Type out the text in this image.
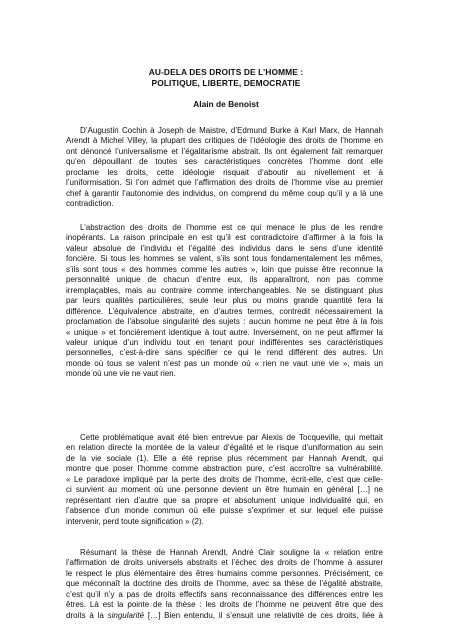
AU-DELA DES DROITS DE L’HOMME :
POLITIQUE, LIBERTE, DEMOCRATIE
Alain de Benoist
D’Augustin Cochin à Joseph de Maistre, d’Edmund Burke à Karl Marx, de Hannah
Arendt à Michel Villey, la plupart des critiques de l’idéologie des droits de l’homme en
ont dénoncé l’universalisme et l’égalitarisme abstrait. Ils ont également fait remarquer
qu’en dépouillant de toutes ses caractéristiques concrètes l’homme dont elle
proclame les droits, cette idéologie risquait d’aboutir au nivellement et à
l’uniformisation. Si l’on admet que l’affirmation des droits de l’homme vise au premier
chef à garantir l’autonomie des individus, on comprend du même coup qu’il y a là une
contradiction.
L’abstraction des droits de l’homme est ce qui menace le plus de les rendre
inopérants. La raison principale en est qu’il est contradictoire d’affirmer à la fois la
valeur absolue de l’individu et l’égalité des individus dans le sens d’une identité
foncière. Si tous les hommes se valent, s’ils sont tous fondamentalement les mêmes,
s’ils sont tous « des hommes comme les autres », loin que puisse être reconnue la
personnalité unique de chacun d’entre eux, ils apparaîtront, non pas comme
irremplaçables, mais au contraire comme interchangeables. Ne se distinguant plus
par leurs qualités particulières, seule leur plus ou moins grande quantité fera la
différence. L’équivalence abstraite, en d’autres termes, contredit nécessairement la
proclamation de l’absolue singularité des sujets : aucun homme ne peut être à la fois
« unique » et foncièrement identique à tout autre. Inversement, on ne peut affirmer la
valeur unique d’un individu tout en tenant pour indifférentes ses caractéristiques
personnelles, c’est-à-dire sans spécifier ce qui le rend différent des autres. Un
monde où tous se valent n’est pas un monde où « rien ne vaut une vie », mais un
monde où une vie ne vaut rien.
Cette problématique avait été bien entrevue par Alexis de Tocqueville, qui mettait
en relation directe la montée de la valeur d’égalité et le risque d’uniformation au sein
de la vie sociale (1). Elle a été reprise plus récemment par Hannah Arendt, qui
montre que poser l’homme comme abstraction pure, c’est accroître sa vulnérabilité.
« Le paradoxe impliqué par la perte des droits de l’homme, écrit-elle, c’est que celle-
ci survient au moment où une personne devient un être humain en général […] ne
représentant rien d’autre que sa propre et absolument unique individualité qui, en
l’absence d’un monde commun où elle puisse s’exprimer et sur lequel elle puisse
intervenir, perd toute signification » (2).
Résumant la thèse de Hannah Arendt, André Clair souligne la « relation entre
l’affirmation de droits universels abstraits et l’échec des droits de l’homme à assurer
le respect le plus élémentaire des êtres humains comme personnes. Précisément, ce
que méconnaît la doctrine des droits de l’homme, avec sa thèse de l’égalité abstraite,
c’est qu’il n’y a pas de droits effectifs sans reconnaissance des différences entre les
êtres. Là est la pointe de la thèse : les droits de l’homme ne peuvent être que des
droits à la singularité […] Bien entendu, il s’ensuit une relativité de ces droits, liée à
